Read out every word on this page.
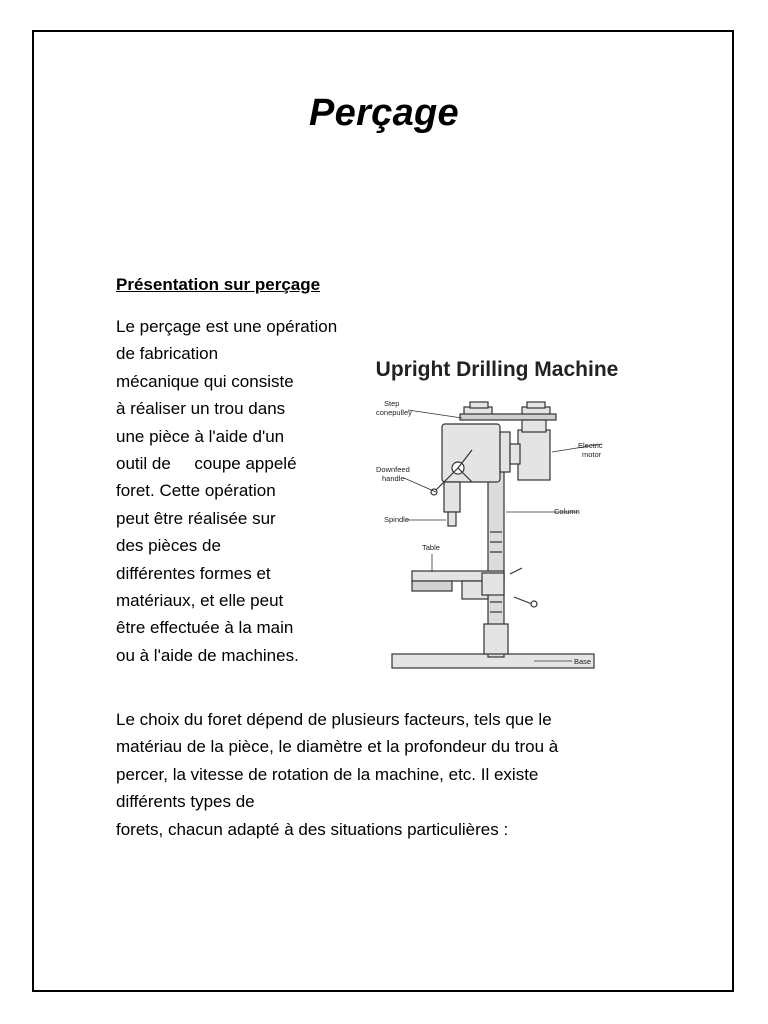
Perçage
Présentation sur perçage
Le perçage est une opération
de fabrication
mécanique qui consiste
à réaliser un trou dans
une pièce à l'aide d'un
outil de     coupe appelé
foret. Cette opération
peut être réalisée sur
des pièces de
différentes formes et
matériaux, et elle peut
être effectuée à la main
ou à l'aide de machines.
Upright Drilling Machine
Step
conepulley
Electric
motor
Downfeed
handle
Column
Spindle
Table
Base
Le choix du foret dépend de plusieurs facteurs, tels que le
matériau de la pièce, le diamètre et la profondeur du trou à
percer, la vitesse de rotation de la machine, etc. Il existe
différents types de
forets, chacun adapté à des situations particulières :
